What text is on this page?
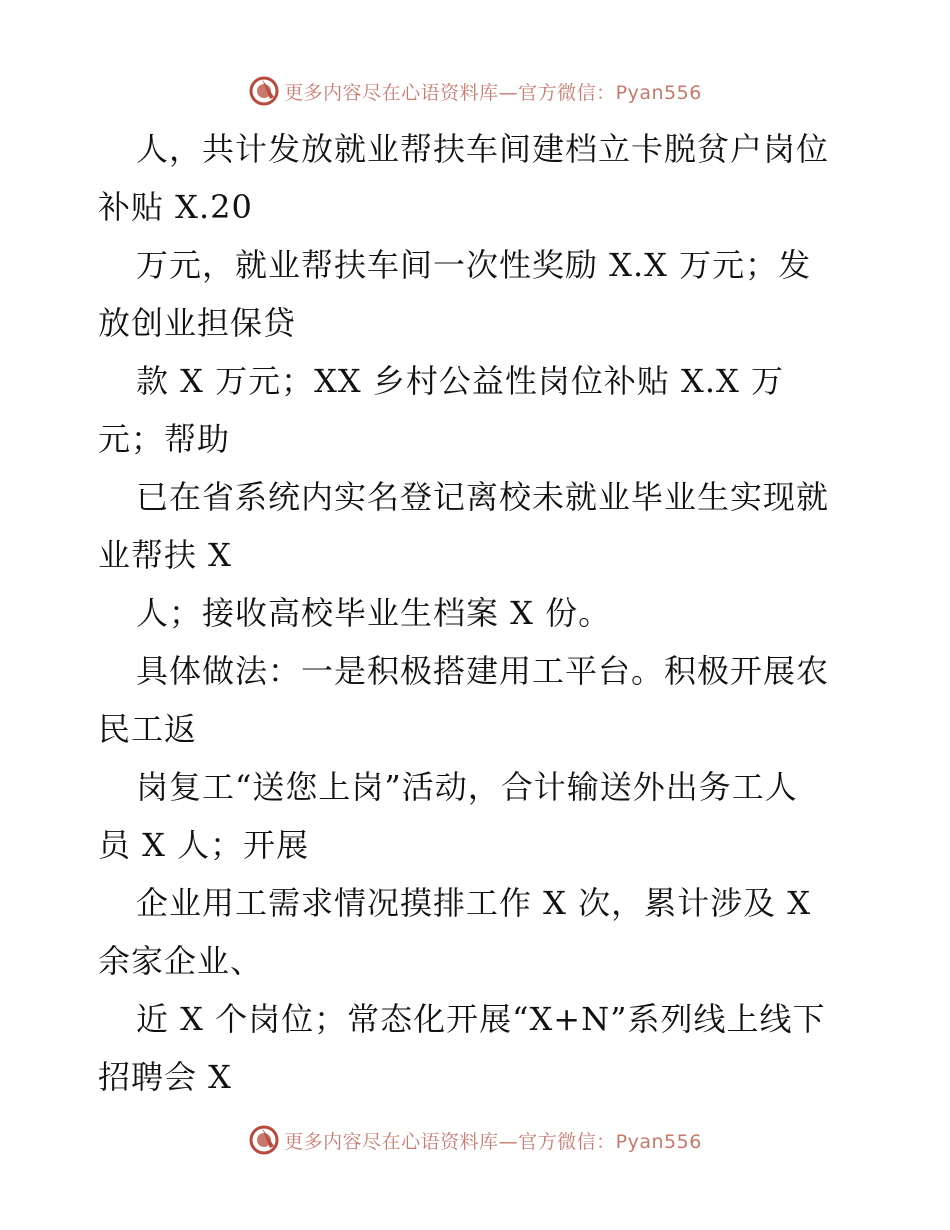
更多内容尽在心语资料库—官方微信：Pyan556
人，共计发放就业帮扶车间建档立卡脱贫户岗位
补贴 X.20
万元，就业帮扶车间一次性奖励 X.X 万元；发
放创业担保贷
款 X 万元；XX 乡村公益性岗位补贴 X.X 万
元；帮助
已在省系统内实名登记离校未就业毕业生实现就
业帮扶 X
人；接收高校毕业生档案 X 份。
具体做法：一是积极搭建用工平台。积极开展农
民工返
岗复工“送您上岗”活动，合计输送外出务工人
员 X 人；开展
企业用工需求情况摸排工作 X 次，累计涉及 X
余家企业、
近 X 个岗位；常态化开展“X+N”系列线上线下
招聘会 X
更多内容尽在心语资料库—官方微信：Pyan556
